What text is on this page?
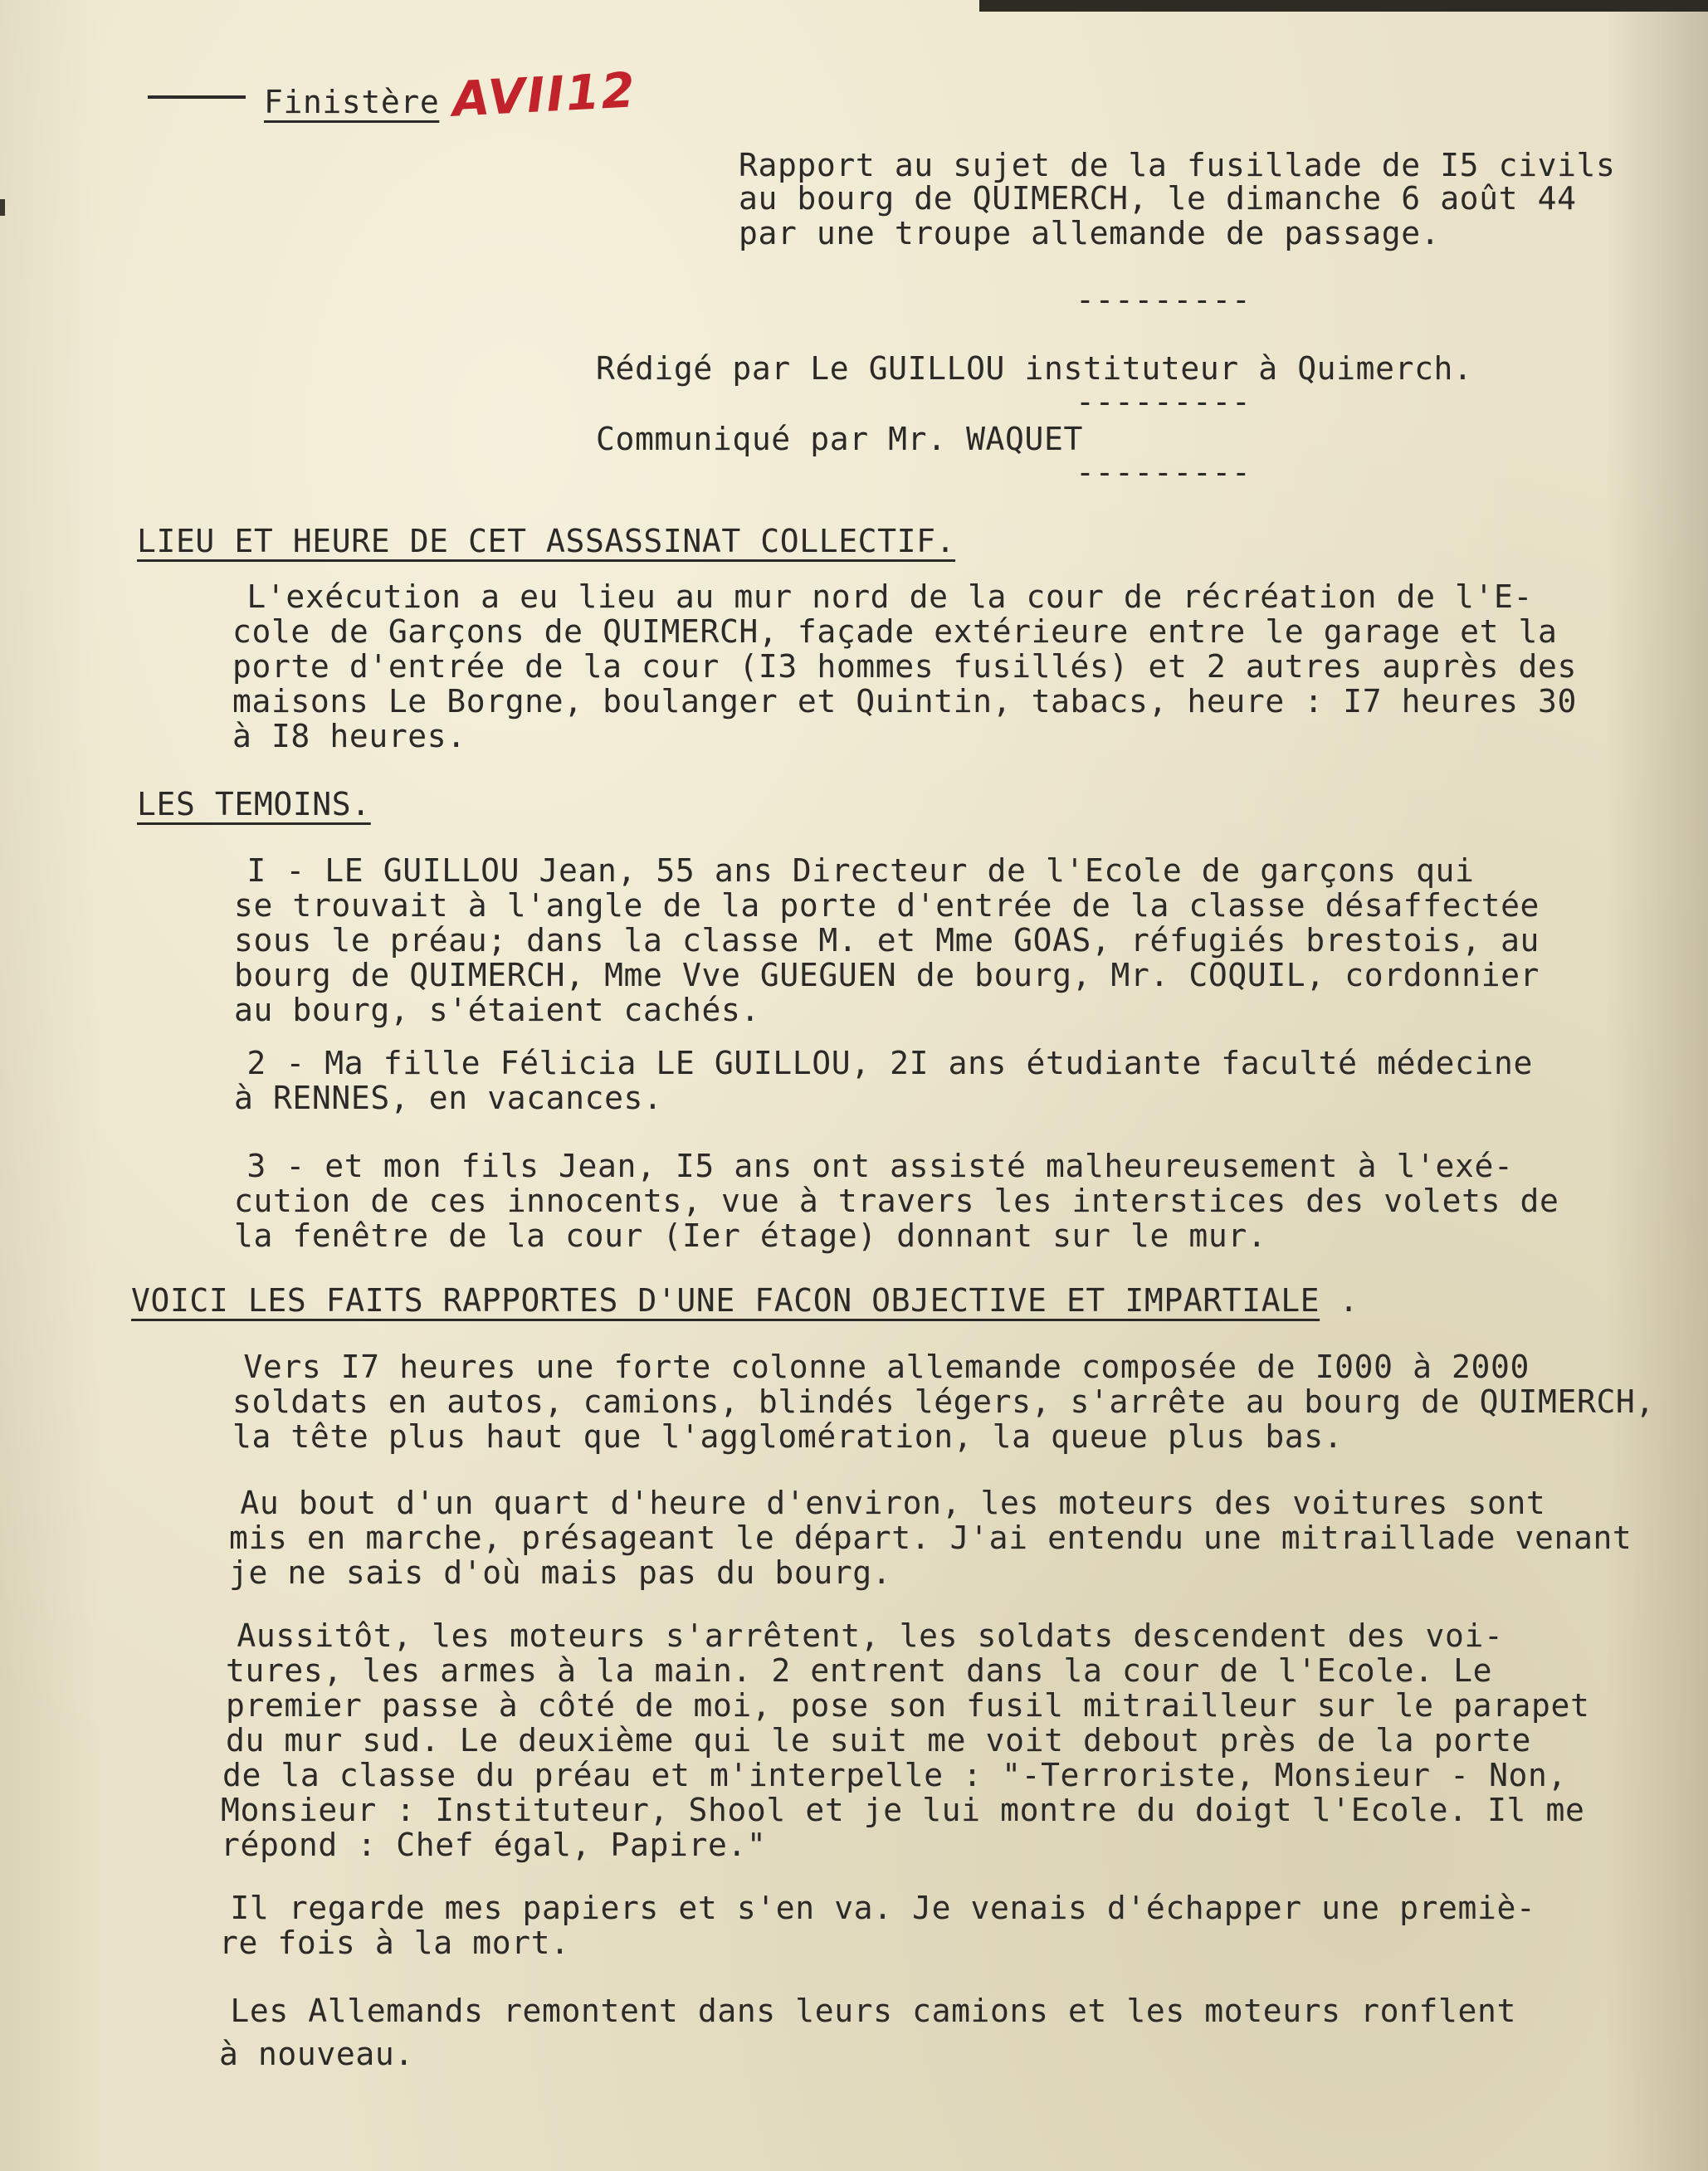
Finistère AVII12
Rapport au sujet de la fusillade de I5 civils
au bourg de QUIMERCH, le dimanche 6 août 44
par une troupe allemande de passage.
---------
Rédigé par Le GUILLOU instituteur à Quimerch.
---------
Communiqué par Mr. WAQUET
---------
LIEU ET HEURE DE CET ASSASSINAT COLLECTIF.
L'exécution a eu lieu au mur nord de la cour de récréation de l'E-
cole de Garçons de QUIMERCH, façade extérieure entre le garage et la
porte d'entrée de la cour (I3 hommes fusillés) et 2 autres auprès des
maisons Le Borgne, boulanger et Quintin, tabacs, heure : I7 heures 30
à I8 heures.
LES TEMOINS.
I - LE GUILLOU Jean, 55 ans Directeur de l'Ecole de garçons qui
se trouvait à l'angle de la porte d'entrée de la classe désaffectée
sous le préau; dans la classe M. et Mme GOAS, réfugiés brestois, au
bourg de QUIMERCH, Mme Vve GUEGUEN de bourg, Mr. COQUIL, cordonnier
au bourg, s'étaient cachés.
2 - Ma fille Félicia LE GUILLOU, 2I ans étudiante faculté médecine
à RENNES, en vacances.
3 - et mon fils Jean, I5 ans ont assisté malheureusement à l'exé-
cution de ces innocents, vue à travers les interstices des volets de
la fenêtre de la cour (Ier étage) donnant sur le mur.
VOICI LES FAITS RAPPORTES D'UNE FACON OBJECTIVE ET IMPARTIALE .
Vers I7 heures une forte colonne allemande composée de I000 à 2000
soldats en autos, camions, blindés légers, s'arrête au bourg de QUIMERCH,
la tête plus haut que l'agglomération, la queue plus bas.
Au bout d'un quart d'heure d'environ, les moteurs des voitures sont
mis en marche, présageant le départ. J'ai entendu une mitraillade venant
je ne sais d'où mais pas du bourg.
Aussitôt, les moteurs s'arrêtent, les soldats descendent des voi-
tures, les armes à la main. 2 entrent dans la cour de l'Ecole. Le
premier passe à côté de moi, pose son fusil mitrailleur sur le parapet
du mur sud. Le deuxième qui le suit me voit debout près de la porte
de la classe du préau et m'interpelle : "-Terroriste, Monsieur - Non,
Monsieur : Instituteur, Shool et je lui montre du doigt l'Ecole. Il me
répond : Chef égal, Papire."
Il regarde mes papiers et s'en va. Je venais d'échapper une premiè-
re fois à la mort.
Les Allemands remontent dans leurs camions et les moteurs ronflent
à nouveau.
